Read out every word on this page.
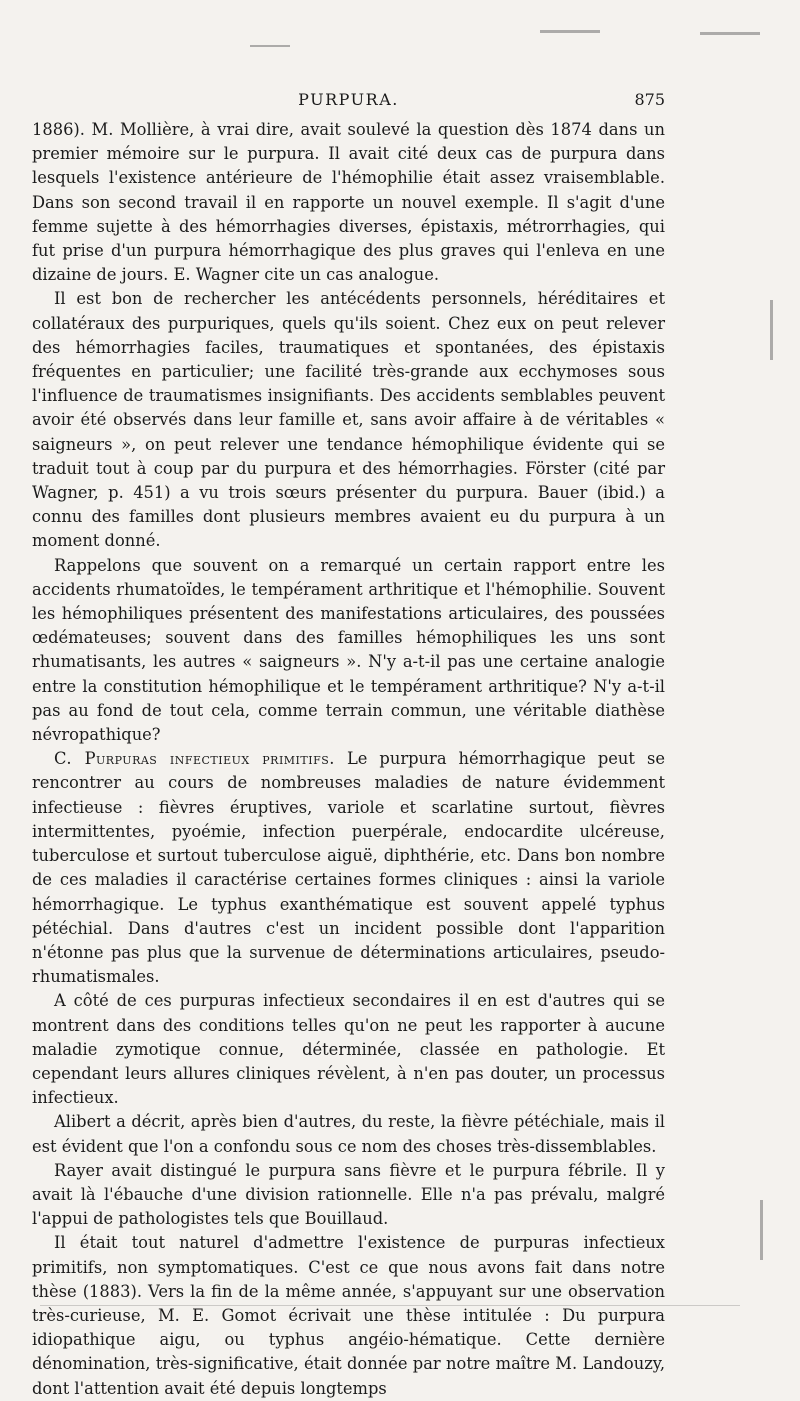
PURPURA.	875

1886). M. Mollière, à vrai dire, avait soulevé la question dès 1874 dans un premier mémoire sur le purpura. Il avait cité deux cas de purpura dans lesquels l'existence antérieure de l'hémophilie était assez vraisemblable. Dans son second travail il en rapporte un nouvel exemple. Il s'agit d'une femme sujette à des hémorrhagies diverses, épistaxis, métrorrhagies, qui fut prise d'un purpura hémorrhagique des plus graves qui l'enleva en une dizaine de jours. E. Wagner cite un cas analogue.

Il est bon de rechercher les antécédents personnels, héréditaires et collatéraux des purpuriques, quels qu'ils soient. Chez eux on peut relever des hémorrhagies faciles, traumatiques et spontanées, des épistaxis fréquentes en particulier; une facilité très-grande aux ecchymoses sous l'influence de traumatismes insignifiants. Des accidents semblables peuvent avoir été observés dans leur famille et, sans avoir affaire à de véritables « saigneurs », on peut relever une tendance hémophilique évidente qui se traduit tout à coup par du purpura et des hémorrhagies. Förster (cité par Wagner, p. 451) a vu trois sœurs présenter du purpura. Bauer (ibid.) a connu des familles dont plusieurs membres avaient eu du purpura à un moment donné.

Rappelons que souvent on a remarqué un certain rapport entre les accidents rhumatoïdes, le tempérament arthritique et l'hémophilie. Souvent les hémophiliques présentent des manifestations articulaires, des poussées œdémateuses; souvent dans des familles hémophiliques les uns sont rhumatisants, les autres « saigneurs ». N'y a-t-il pas une certaine analogie entre la constitution hémophilique et le tempérament arthritique? N'y a-t-il pas au fond de tout cela, comme terrain commun, une véritable diathèse névropathique?

C. Purpuras infectieux primitifs. Le purpura hémorrhagique peut se rencontrer au cours de nombreuses maladies de nature évidemment infectieuse : fièvres éruptives, variole et scarlatine surtout, fièvres intermittentes, pyoémie, infection puerpérale, endocardite ulcéreuse, tuberculose et surtout tuberculose aiguë, diphthérie, etc. Dans bon nombre de ces maladies il caractérise certaines formes cliniques : ainsi la variole hémorrhagique. Le typhus exanthématique est souvent appelé typhus pétéchial. Dans d'autres c'est un incident possible dont l'apparition n'étonne pas plus que la survenue de déterminations articulaires, pseudo-rhumatismales.

A côté de ces purpuras infectieux secondaires il en est d'autres qui se montrent dans des conditions telles qu'on ne peut les rapporter à aucune maladie zymotique connue, déterminée, classée en pathologie. Et cependant leurs allures cliniques révèlent, à n'en pas douter, un processus infectieux.

Alibert a décrit, après bien d'autres, du reste, la fièvre pétéchiale, mais il est évident que l'on a confondu sous ce nom des choses très-dissemblables.

Rayer avait distingué le purpura sans fièvre et le purpura fébrile. Il y avait là l'ébauche d'une division rationnelle. Elle n'a pas prévalu, malgré l'appui de pathologistes tels que Bouillaud.

Il était tout naturel d'admettre l'existence de purpuras infectieux primitifs, non symptomatiques. C'est ce que nous avons fait dans notre thèse (1883). Vers la fin de la même année, s'appuyant sur une observation très-curieuse, M. E. Gomot écrivait une thèse intitulée : Du purpura idiopathique aigu, ou typhus angéio-hématique. Cette dernière dénomination, très-significative, était donnée par notre maître M. Landouzy, dont l'attention avait été depuis longtemps
